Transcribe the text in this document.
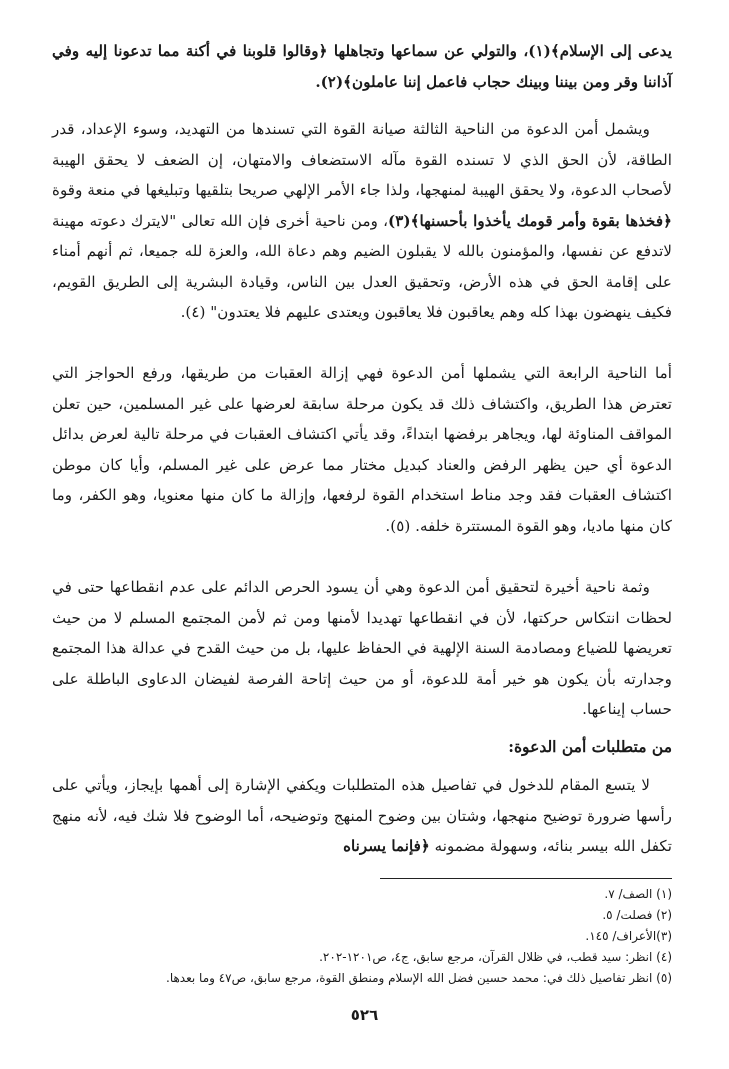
يدعى إلى الإسلام﴾(١)، والتولي عن سماعها وتجاهلها ﴿وقالوا قلوبنا في أكنة مما تدعونا إليه وفي آذاننا وقر ومن بيننا وبينك حجاب فاعمل إننا عاملون﴾(٢).

ويشمل أمن الدعوة من الناحية الثالثة صيانة القوة التي تسندها من التهديد، وسوء الإعداد، قدر الطاقة، لأن الحق الذي لا تسنده القوة مآله الاستضعاف والامتهان، إن الضعف لا يحقق الهيبة لأصحاب الدعوة، ولا يحقق الهيبة لمنهجها، ولذا جاء الأمر الإلهي صريحا بتلقيها وتبليغها في منعة وقوة ﴿فخذها بقوة وأمر قومك يأخذوا بأحسنها﴾(٣)، ومن ناحية أخرى فإن الله تعالى "لايترك دعوته مهينة لاتدفع عن نفسها، والمؤمنون بالله لا يقبلون الضيم وهم دعاة الله، والعزة لله جميعا، ثم أنهم أمناء على إقامة الحق في هذه الأرض، وتحقيق العدل بين الناس، وقيادة البشرية إلى الطريق القويم، فكيف ينهضون بهذا كله وهم يعاقبون فلا يعاقبون ويعتدى عليهم فلا يعتدون" (٤).

أما الناحية الرابعة التي يشملها أمن الدعوة فهي إزالة العقبات من طريقها، ورفع الحواجز التي تعترض هذا الطريق، واكتشاف ذلك قد يكون مرحلة سابقة لعرضها على غير المسلمين، حين تعلن المواقف المناوئة لها، ويجاهر برفضها ابتداءً، وقد يأتي اكتشاف العقبات في مرحلة تالية لعرض بدائل الدعوة أي حين يظهر الرفض والعناد كبديل مختار مما عرض على غير المسلم، وأيا كان موطن اكتشاف العقبات فقد وجد مناط استخدام القوة لرفعها، وإزالة ما كان منها معنويا، وهو الكفر، وما كان منها ماديا، وهو القوة المستترة خلفه. (٥).

وثمة ناحية أخيرة لتحقيق أمن الدعوة وهي أن يسود الحرص الدائم على عدم انقطاعها حتى في لحظات انتكاس حركتها، لأن في انقطاعها تهديدا لأمنها ومن ثم لأمن المجتمع المسلم لا من حيث تعريضها للضياع ومصادمة السنة الإلهية في الحفاظ عليها، بل من حيث القدح في عدالة هذا المجتمع وجدارته بأن يكون هو خير أمة للدعوة، أو من حيث إتاحة الفرصة لفيضان الدعاوى الباطلة على حساب إيناعها.

من متطلبات أمن الدعوة:

لا يتسع المقام للدخول في تفاصيل هذه المتطلبات ويكفي الإشارة إلى أهمها بإيجاز، ويأتي على رأسها ضرورة توضيح منهجها، وشتان بين وضوح المنهج وتوضيحه، أما الوضوح فلا شك فيه، لأنه منهج تكفل الله بيسر بنائه، وسهولة مضمونه ﴿فإنما يسرناه

(١) الصف/ ٧.
(٢) فصلت/ ٥.
(٣)الأعراف/ ١٤٥.
(٤) انظر: سيد قطب، في ظلال القرآن، مرجع سابق، ج٤، ص١٢٠١-٢٠٢.
(٥) انظر تفاصيل ذلك في: محمد حسين فضل الله الإسلام ومنطق القوة، مرجع سابق، ص٤٧ وما بعدها.
٥٢٦
